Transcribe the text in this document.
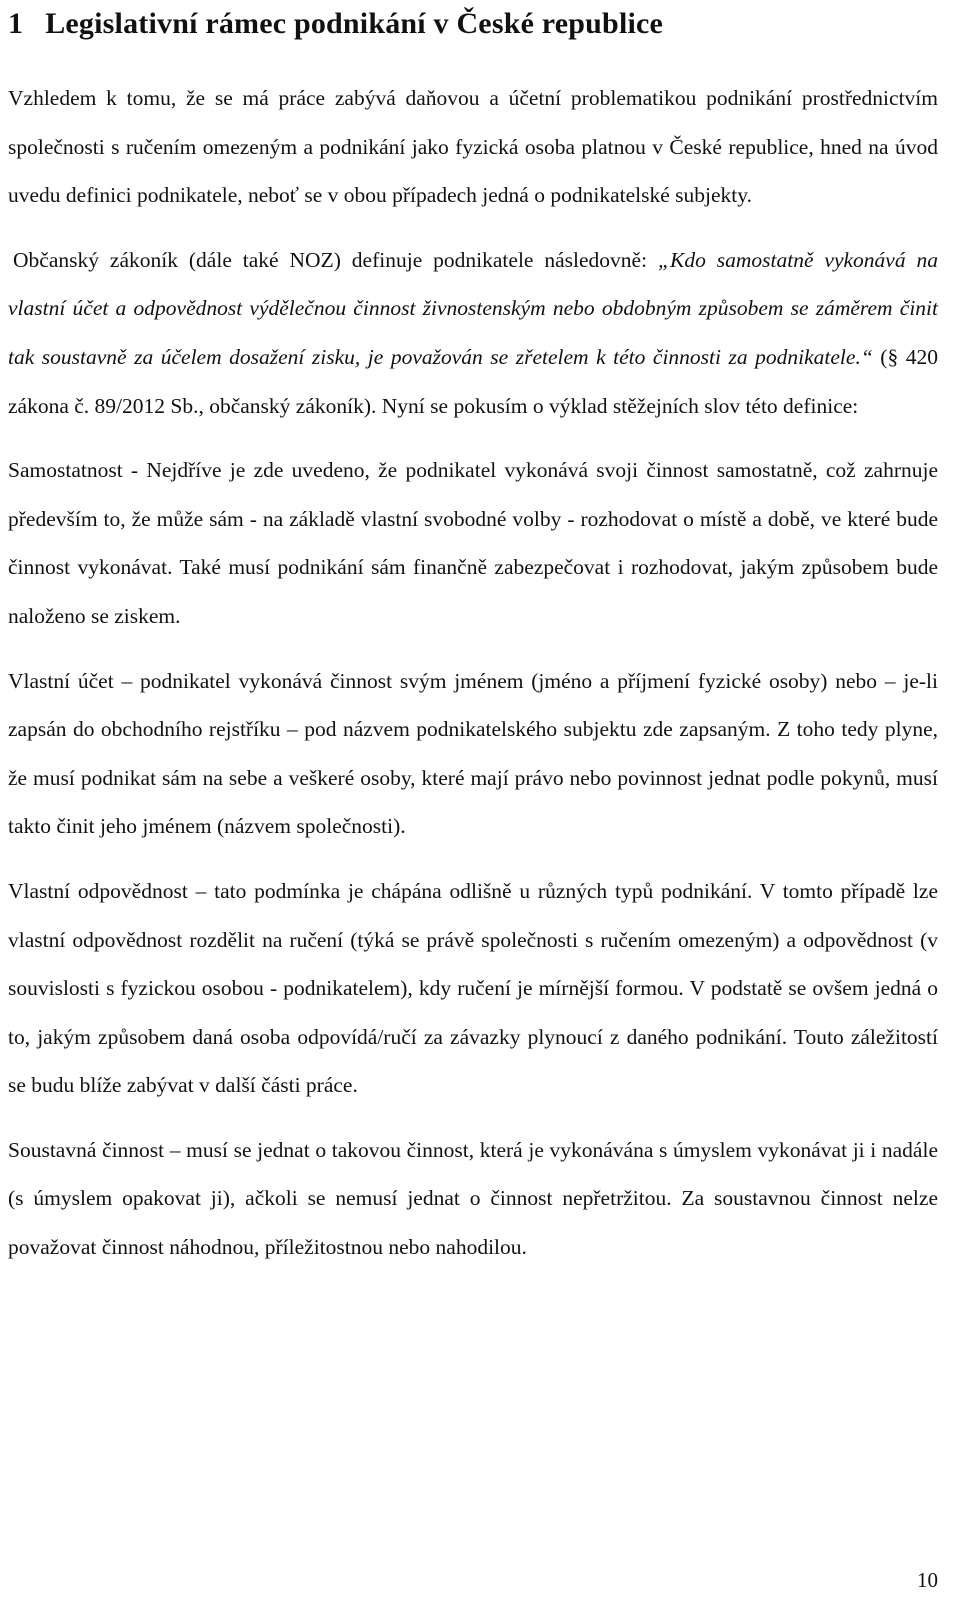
1 Legislativní rámec podnikání v České republice

Vzhledem k tomu, že se má práce zabývá daňovou a účetní problematikou podnikání prostřednictvím společnosti s ručením omezeným a podnikání jako fyzická osoba platnou v České republice, hned na úvod uvedu definici podnikatele, neboť se v obou případech jedná o podnikatelské subjekty.

Občanský zákoník (dále také NOZ) definuje podnikatele následovně: „Kdo samostatně vykonává na vlastní účet a odpovědnost výdělečnou činnost živnostenským nebo obdobným způsobem se záměrem činit tak soustavně za účelem dosažení zisku, je považován se zřetelem k této činnosti za podnikatele.“ (§ 420 zákona č. 89/2012 Sb., občanský zákoník). Nyní se pokusím o výklad stěžejních slov této definice:

Samostatnost - Nejdříve je zde uvedeno, že podnikatel vykonává svoji činnost samostatně, což zahrnuje především to, že může sám - na základě vlastní svobodné volby - rozhodovat o místě a době, ve které bude činnost vykonávat. Také musí podnikání sám finančně zabezpečovat i rozhodovat, jakým způsobem bude naloženo se ziskem.

Vlastní účet – podnikatel vykonává činnost svým jménem (jméno a příjmení fyzické osoby) nebo – je-li zapsán do obchodního rejstříku – pod názvem podnikatelského subjektu zde zapsaným. Z toho tedy plyne, že musí podnikat sám na sebe a veškeré osoby, které mají právo nebo povinnost jednat podle pokynů, musí takto činit jeho jménem (názvem společnosti).

Vlastní odpovědnost – tato podmínka je chápána odlišně u různých typů podnikání. V tomto případě lze vlastní odpovědnost rozdělit na ručení (týká se právě společnosti s ručením omezeným) a odpovědnost (v souvislosti s fyzickou osobou - podnikatelem), kdy ručení je mírnější formou. V podstatě se ovšem jedná o to, jakým způsobem daná osoba odpovídá/ručí za závazky plynoucí z daného podnikání. Touto záležitostí se budu blíže zabývat v další části práce.

Soustavná činnost – musí se jednat o takovou činnost, která je vykonávána s úmyslem vykonávat ji i nadále (s úmyslem opakovat ji), ačkoli se nemusí jednat o činnost nepřetržitou. Za soustavnou činnost nelze považovat činnost náhodnou, příležitostnou nebo nahodilou.

10
